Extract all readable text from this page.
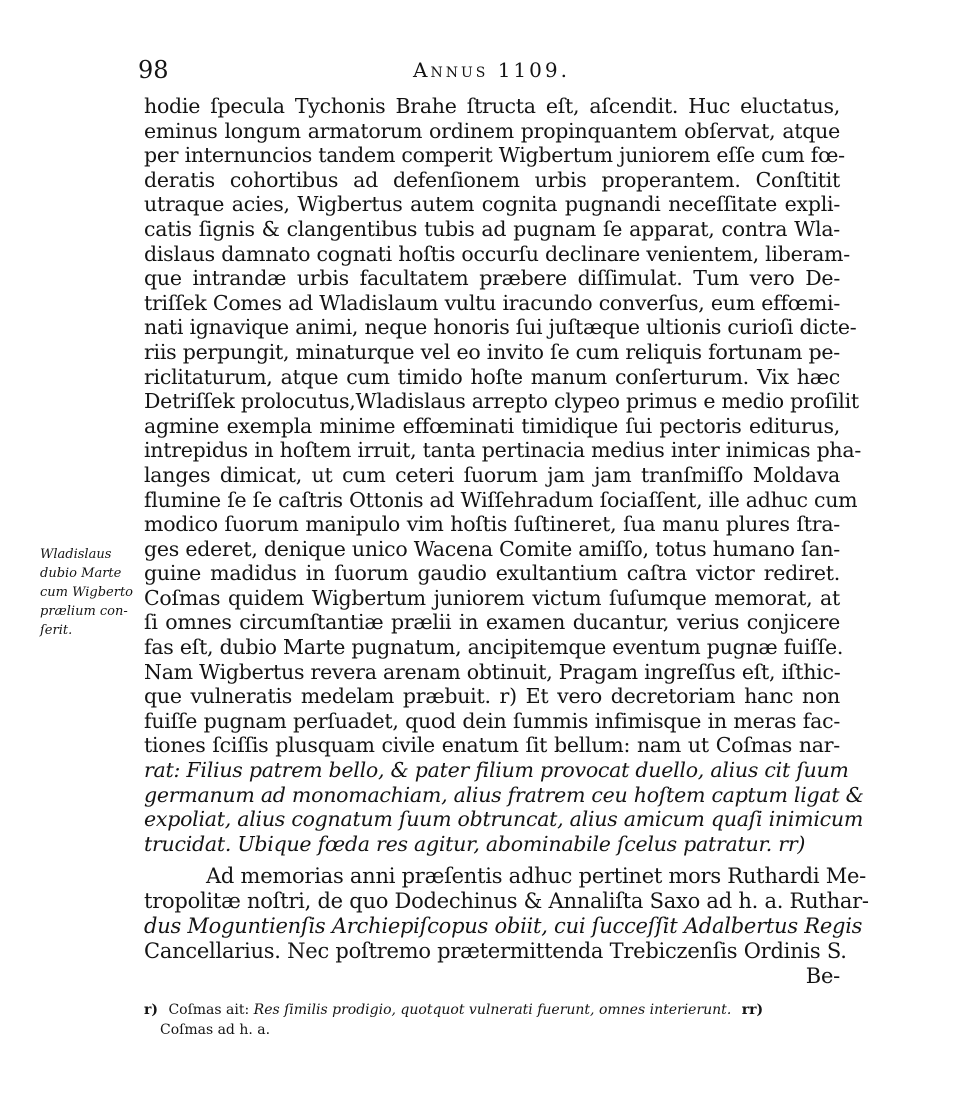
98	Annus 1109.
hodie ſpecula Tychonis Brahe ſtructa eſt, aſcendit. Huc eluctatus,
eminus longum armatorum ordinem propinquantem obſervat, atque
per internuncios tandem comperit Wigbertum juniorem eſſe cum fœ-
deratis cohortibus ad defenſionem urbis properantem. Conſtitit
utraque acies, Wigbertus autem cognita pugnandi neceſſitate expli-
catis ſignis & clangentibus tubis ad pugnam ſe apparat, contra Wla-
dislaus damnato cognati hoſtis occurſu declinare venientem, liberam-
que intrandæ urbis facultatem præbere diſſimulat. Tum vero De-
triſſek Comes ad Wladislaum vultu iracundo converſus, eum effœmi-
nati ignavique animi, neque honoris ſui juſtæque ultionis curioſi dicte-
riis perpungit, minaturque vel eo invito ſe cum reliquis fortunam pe-
riclitaturum, atque cum timido hoſte manum conſerturum. Vix hæc
Detriſſek prolocutus,Wladislaus arrepto clypeo primus e medio proſilit
agmine exempla minime effœminati timidique ſui pectoris editurus,
intrepidus in hoſtem irruit, tanta pertinacia medius inter inimicas pha-
langes dimicat, ut cum ceteri ſuorum jam jam tranſmiſſo Moldava
flumine ſe ſe caſtris Ottonis ad Wiſſehradum ſociaſſent, ille adhuc cum
modico ſuorum manipulo vim hoſtis ſuſtineret, ſua manu plures ſtra-
ges ederet, denique unico Wacena Comite amiſſo, totus humano ſan-
guine madidus in ſuorum gaudio exultantium caſtra victor rediret.
Coſmas quidem Wigbertum juniorem victum ſuſumque memorat, at
ſi omnes circumſtantiæ prælii in examen ducantur, verius conjicere
fas eſt, dubio Marte pugnatum, ancipitemque eventum pugnæ fuiſſe.
Nam Wigbertus revera arenam obtinuit, Pragam ingreſſus eſt, iſthic-
que vulneratis medelam præbuit. r) Et vero decretoriam hanc non
fuiſſe pugnam perſuadet, quod dein ſummis infimisque in meras fac-
tiones ſciſſis plusquam civile enatum ſit bellum: nam ut Coſmas nar-
rat: Filius patrem bello, & pater filium provocat duello, alius cit ſuum
germanum ad monomachiam, alius fratrem ceu hoſtem captum ligat &
expoliat, alius cognatum ſuum obtruncat, alius amicum quaſi inimicum
trucidat. Ubique fœda res agitur, abominabile ſcelus patratur. rr)
Wladislaus
dubio Marte
cum Wigberto
prælium con-
ſerit.
Ad memorias anni præſentis adhuc pertinet mors Ruthardi Me-
tropolitæ noſtri, de quo Dodechinus & Annaliſta Saxo ad h. a. Ruthar-
dus Moguntienſis Archiepiſcopus obiit, cui ſucceſſit Adalbertus Regis
Cancellarius. Nec poſtremo prætermittenda Trebiczenſis Ordinis S.
Be-
r) Coſmas ait: Res ſimilis prodigio, quotquot vulnerati fuerunt, omnes interierunt. rr)
Coſmas ad h. a.
